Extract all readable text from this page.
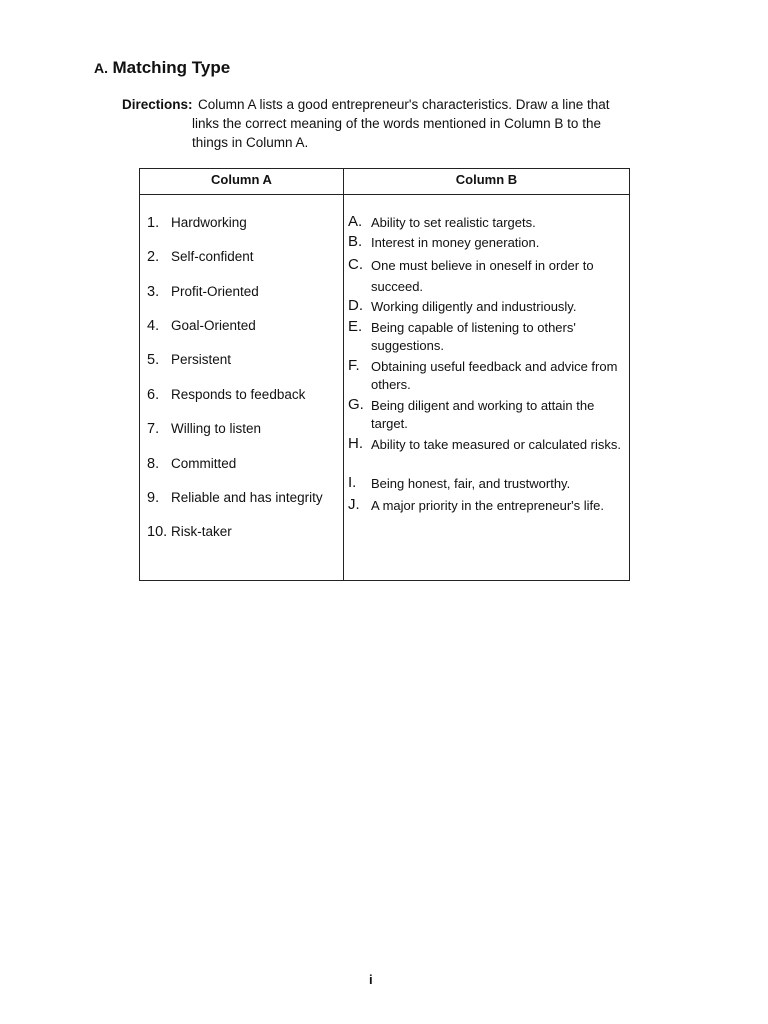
A. Matching Type
Directions: Column A lists a good entrepreneur's characteristics. Draw a line that
links the correct meaning of the words mentioned in Column B to the
things in Column A.
Column A	Column B
1. Hardworking
2. Self-confident
3. Profit-Oriented
4. Goal-Oriented
5. Persistent
6. Responds to feedback
7. Willing to listen
8. Committed
9. Reliable and has integrity
10. Risk-taker
A. Ability to set realistic targets.
B. Interest in money generation.
C. One must believe in oneself in order to succeed.
D. Working diligently and industriously.
E. Being capable of listening to others' suggestions.
F. Obtaining useful feedback and advice from others.
G. Being diligent and working to attain the target.
H. Ability to take measured or calculated risks.
I. Being honest, fair, and trustworthy.
J. A major priority in the entrepreneur's life.
i
